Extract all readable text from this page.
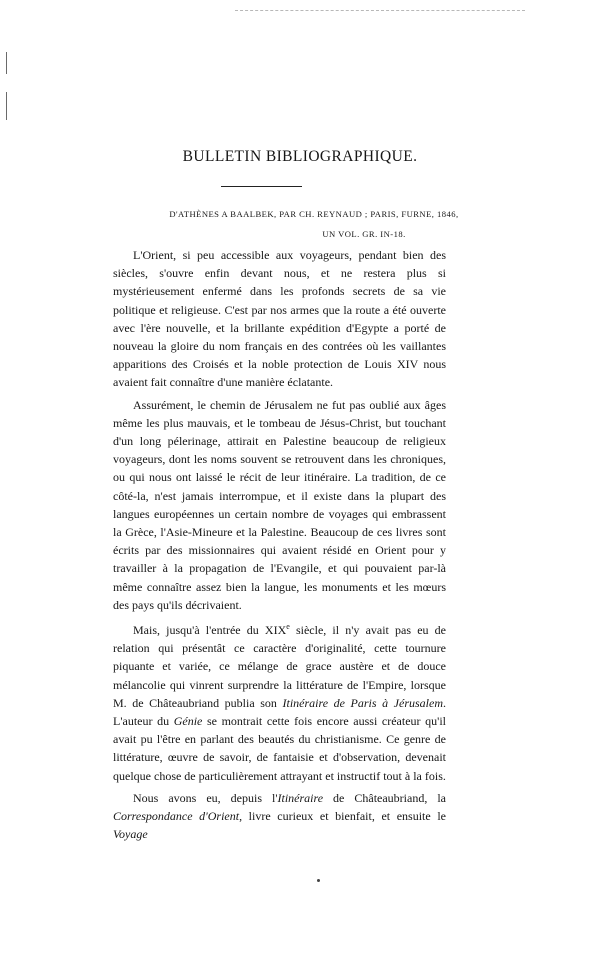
BULLETIN BIBLIOGRAPHIQUE.
D'ATHÈNES A BAALBEK, PAR CH. REYNAUD ; PARIS, FURNE, 1846,
UN VOL. GR. IN-18.

L'Orient, si peu accessible aux voyageurs, pendant bien des siècles, s'ouvre enfin devant nous, et ne restera plus si mystérieusement enfermé dans les profonds secrets de sa vie politique et religieuse. C'est par nos armes que la route a été ouverte avec l'ère nouvelle, et la brillante expédition d'Egypte a porté de nouveau la gloire du nom français en des contrées où les vaillantes apparitions des Croisés et la noble protection de Louis XIV nous avaient fait connaître d'une manière éclatante.

Assurément, le chemin de Jérusalem ne fut pas oublié aux âges même les plus mauvais, et le tombeau de Jésus-Christ, but touchant d'un long pélerinage, attirait en Palestine beaucoup de religieux voyageurs, dont les noms souvent se retrouvent dans les chroniques, ou qui nous ont laissé le récit de leur itinéraire. La tradition, de ce côté-la, n'est jamais interrompue, et il existe dans la plupart des langues européennes un certain nombre de voyages qui embrassent la Grèce, l'Asie-Mineure et la Palestine. Beaucoup de ces livres sont écrits par des missionnaires qui avaient résidé en Orient pour y travailler à la propagation de l'Evangile, et qui pouvaient par-là même connaître assez bien la langue, les monuments et les mœurs des pays qu'ils décrivaient.

Mais, jusqu'à l'entrée du XIXe siècle, il n'y avait pas eu de relation qui présentât ce caractère d'originalité, cette tournure piquante et variée, ce mélange de grace austère et de douce mélancolie qui vinrent surprendre la littérature de l'Empire, lorsque M. de Châteaubriand publia son Itinéraire de Paris à Jérusalem. L'auteur du Génie se montrait cette fois encore aussi créateur qu'il avait pu l'être en parlant des beautés du christianisme. Ce genre de littérature, œuvre de savoir, de fantaisie et d'observation, devenait quelque chose de particulièrement attrayant et instructif tout à la fois.

Nous avons eu, depuis l'Itinéraire de Châteaubriand, la Correspondance d'Orient, livre curieux et bienfait, et ensuite le Voyage
